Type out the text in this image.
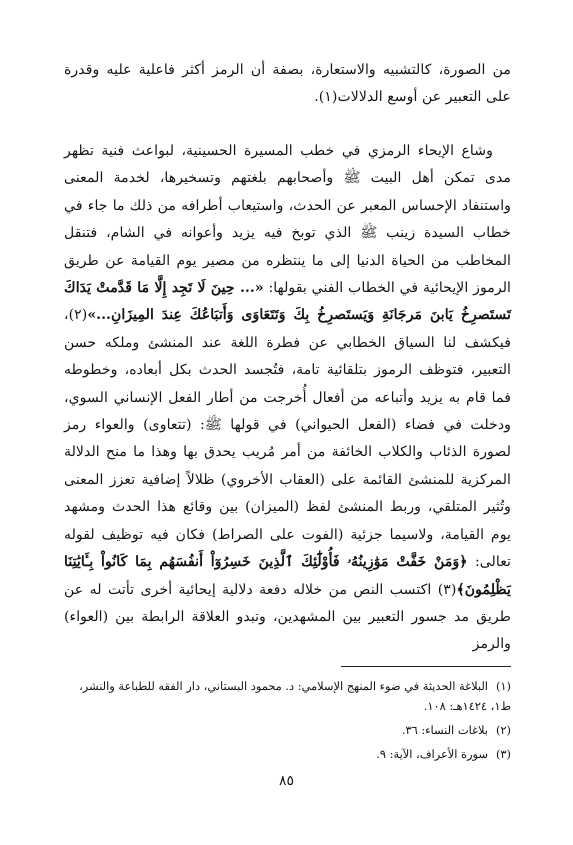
من الصورة، كالتشبيه والاستعارة، بصفة أن الرمز أكثر فاعلية عليه وقدرة على التعبير عن أوسع الدلالات(١).

وشاع الإيحاء الرمزي في خطب المسيرة الحسينية، لبواعث فنية تظهر مدى تمكن أهل البيت ﷺ وأصحابهم بلغتهم وتسخيرها، لخدمة المعنى واستنفاد الإحساس المعبر عن الحدث، واستيعاب أطرافه من ذلك ما جاء في خطاب السيدة زينب ﷺ الذي توبخ فيه يزيد وأعوانه في الشام، فتنقل المخاطب من الحياة الدنيا إلى ما ينتظره من مصير يوم القيامة عن طريق الرموز الإيحائية في الخطاب الفني بقولها: «... حِينَ لَا تَجِد إِلَّا مَا قَدَّمتْ يَدَاكَ تَستَصرِخُ يَابنَ مَرجَانَةِ وَيَستَصرِخُ بِكَ وَتَتَعَاوَى وَأَتبَاعُكَ عِندَ المِيزَانِ...»(٢)، فيكشف لنا السياق الخطابي عن فطرة اللغة عند المنشئ وملكه حسن التعبير، فتوظف الرموز بتلقائية تامة، فتُجسد الحدث بكل أبعاده، وخطوطه فما قام به يزيد وأتباعه من أفعال أُخرجت من أطار الفعل الإنساني السوي، ودخلت في فضاء (الفعل الحيواني) في قولها ﷺ: (تتعاوى) والعواء رمز لصورة الذئاب والكلاب الخائفة من أمر مُريب يحدق بها وهذا ما منح الدلالة المركزية للمنشئ القائمة على (العقاب الأخروي) ظلالاً إضافية تعزز المعنى وتُثير المتلقي، وربط المنشئ لفظ (الميزان) بين وقائع هذا الحدث ومشهد يوم القيامة، ولاسيما جزئية (الفوت على الصراط) فكان فيه توظيف لقوله تعالى: ﴿وَمَنْ خَفَّتْ مَوَٰزِينُهُۥ فَأُوْلَٰٓئِكَ ٱلَّذِينَ خَسِرُوٓاْ أَنفُسَهُم بِمَا كَانُواْ بِـَٔايَٰتِنَا يَظْلِمُونَ﴾(٣) اكتسب النص من خلاله دفعة دلالية إيحائية أخرى تأتت له عن طريق مد جسور التعبير بين المشهدين، وتبدو العلاقة الرابطة بين (العواء) والرمز

(١)البلاغة الحديثة في ضوء المنهج الإسلامي: د. محمود البستاني، دار الفقه للطباعة والنشر، ط١، ١٤٢٤هـ: ١٠٨.

(٢)بلاغات النساء: ٣٦.

(٣)سورة الأعراف، الآية: ٩.

٨٥
